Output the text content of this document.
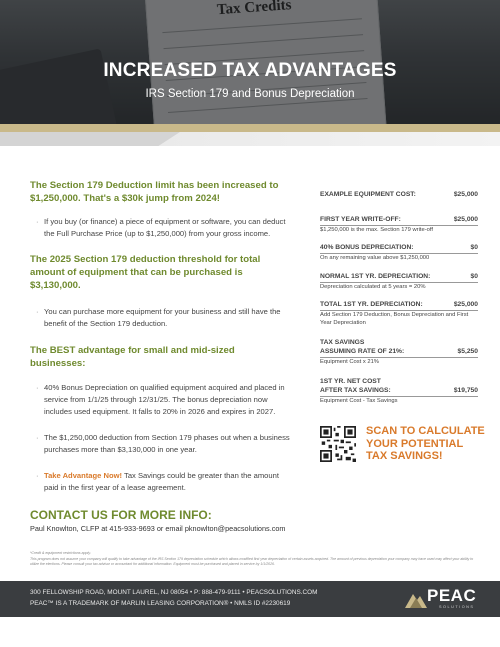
INCREASED TAX ADVANTAGES
IRS Section 179 and Bonus Depreciation

The Section 179 Deduction limit has been increased to $1,250,000. That's a $30k jump from 2024!

· If you buy (or finance) a piece of equipment or software, you can deduct the Full Purchase Price (up to $1,250,000) from your gross income.

The 2025 Section 179 deduction threshold for total amount of equipment that can be purchased is $3,130,000.

· You can purchase more equipment for your business and still have the benefit of the Section 179 deduction.

The BEST advantage for small and mid-sized businesses:

· 40% Bonus Depreciation on qualified equipment acquired and placed in service from 1/1/25 through 12/31/25. The bonus depreciation now includes used equipment. It falls to 20% in 2026 and expires in 2027.

· The $1,250,000 deduction from Section 179 phases out when a business purchases more than $3,130,000 in one year.

· Take Advantage Now! Tax Savings could be greater than the amount paid in the first year of a lease agreement.

EXAMPLE EQUIPMENT COST:	$25,000
FIRST YEAR WRITE-OFF:	$25,000
$1,250,000 is the max. Section 179 write-off
40% BONUS DEPRECIATION:	$0
On any remaining value above $1,250,000
NORMAL 1ST YR. DEPRECIATION:	$0
Depreciation calculated at 5 years = 20%
TOTAL 1ST YR. DEPRECIATION:	$25,000
Add Section 179 Deduction, Bonus Depreciation and First Year Depreciation
TAX SAVINGS
ASSUMING RATE OF 21%:	$5,250
Equipment Cost x 21%
1ST YR. NET COST
AFTER TAX SAVINGS:	$19,750
Equipment Cost - Tax Savings
SCAN TO CALCULATE YOUR POTENTIAL TAX SAVINGS!
CONTACT US FOR MORE INFO:
Paul Knowlton, CLFP at 415-933-9693 or email pknowlton@peacsolutions.com
*Credit & equipment restrictions apply.
This program does not assume your company will qualify to take advantage of the IRS Section 179 depreciation schedule which allows modified first year depreciation of certain assets acquired. The amount of previous depreciation your company may have used may affect your ability to utilize the elections. Please consult your tax advisor or accountant for additional information. Equipment must be purchased and placed in service by 1/1/2026.
300 FELLOWSHIP ROAD, MOUNT LAUREL, NJ 08054 • P: 888-479-9111 • PEACSOLUTIONS.COM
PEAC™ IS A TRADEMARK OF MARLIN LEASING CORPORATION® • NMLS ID #2230619	PEAC
SOLUTIONS
